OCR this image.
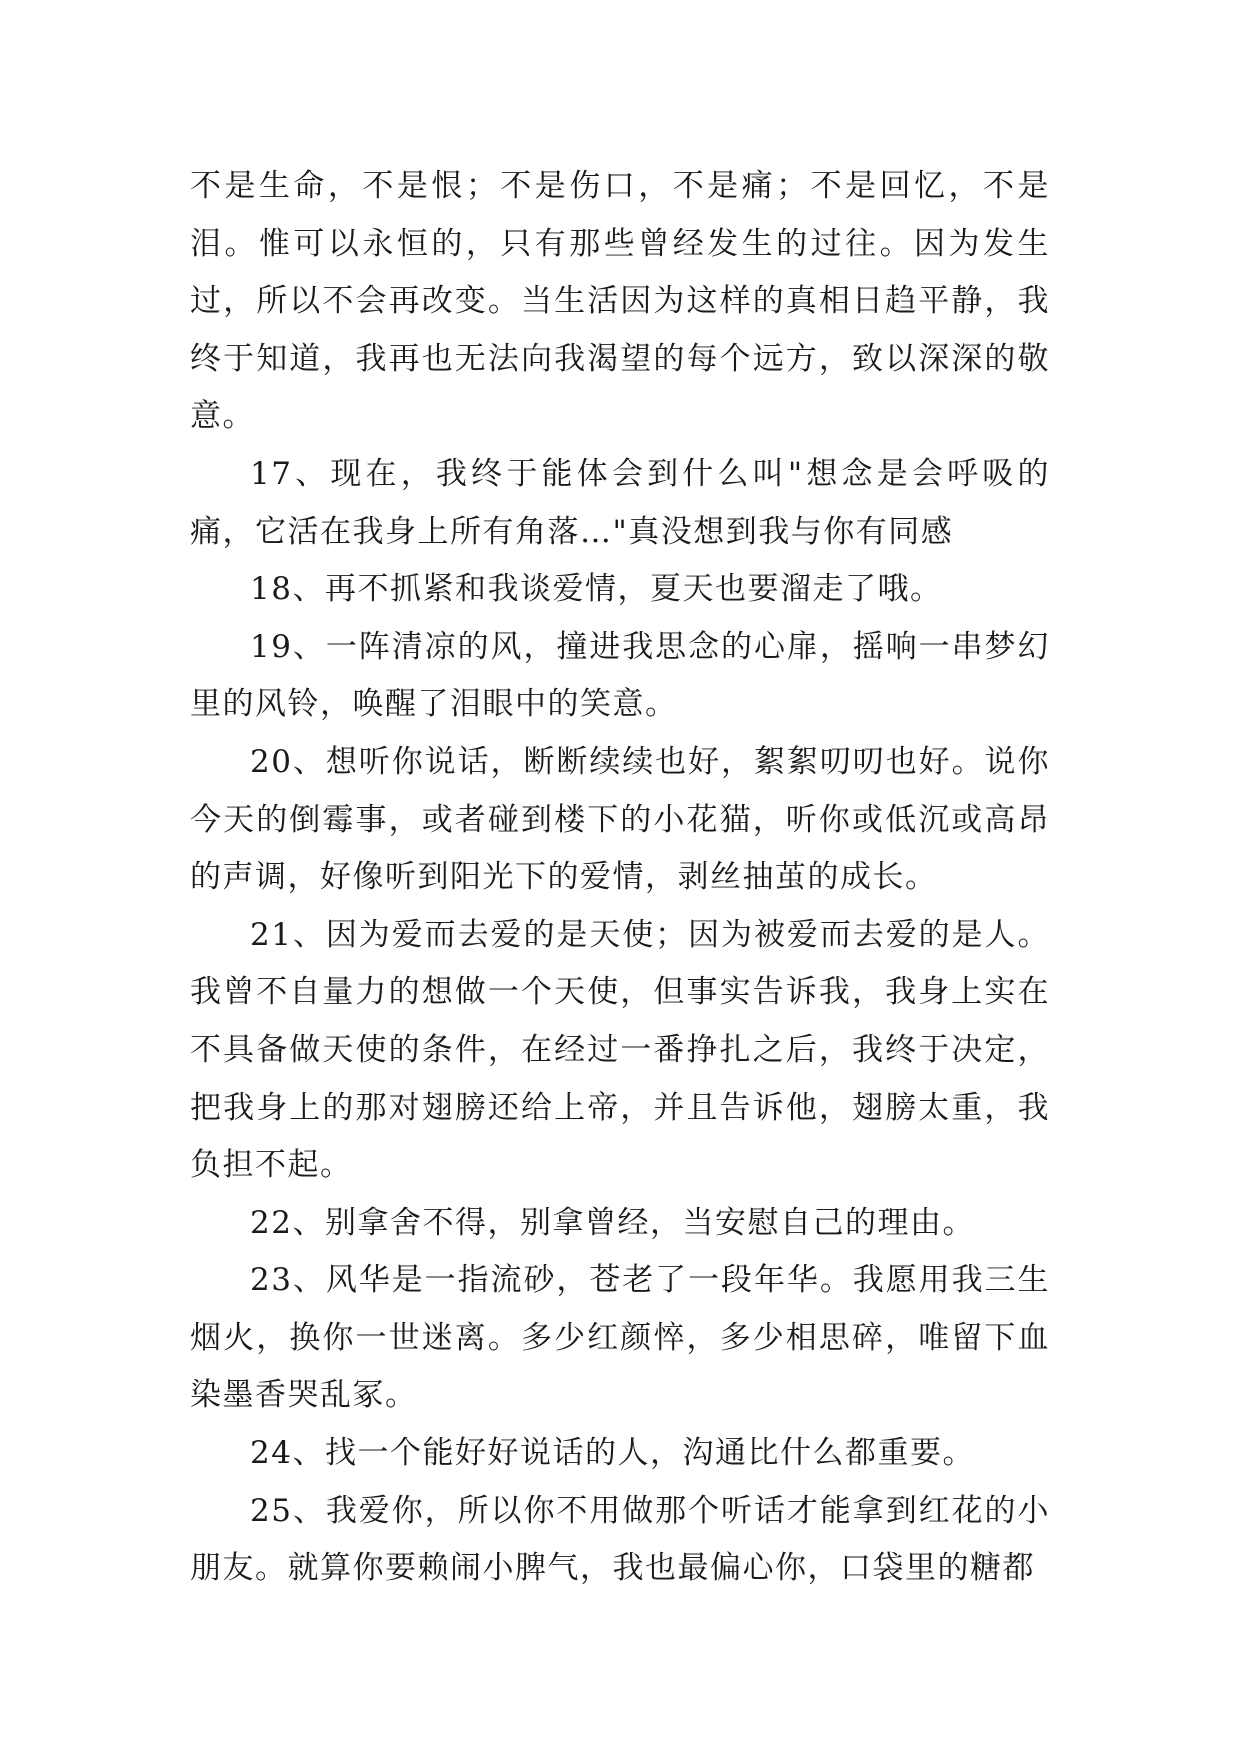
不是生命，不是恨；不是伤口，不是痛；不是回忆，不是泪。惟可以永恒的，只有那些曾经发生的过往。因为发生过，所以不会再改变。当生活因为这样的真相日趋平静，我终于知道，我再也无法向我渴望的每个远方，致以深深的敬意。

17、现在，我终于能体会到什么叫"想念是会呼吸的痛，它活在我身上所有角落…"真没想到我与你有同感

18、再不抓紧和我谈爱情，夏天也要溜走了哦。

19、一阵清凉的风，撞进我思念的心扉，摇响一串梦幻里的风铃，唤醒了泪眼中的笑意。

20、想听你说话，断断续续也好，絮絮叨叨也好。说你今天的倒霉事，或者碰到楼下的小花猫，听你或低沉或高昂的声调，好像听到阳光下的爱情，剥丝抽茧的成长。

21、因为爱而去爱的是天使；因为被爱而去爱的是人。我曾不自量力的想做一个天使，但事实告诉我，我身上实在不具备做天使的条件，在经过一番挣扎之后，我终于决定，把我身上的那对翅膀还给上帝，并且告诉他，翅膀太重，我负担不起。

22、别拿舍不得，别拿曾经，当安慰自己的理由。

23、风华是一指流砂，苍老了一段年华。我愿用我三生烟火，换你一世迷离。多少红颜悴，多少相思碎，唯留下血染墨香哭乱冢。

24、找一个能好好说话的人，沟通比什么都重要。

25、我爱你，所以你不用做那个听话才能拿到红花的小朋友。就算你要赖闹小脾气，我也最偏心你，口袋里的糖都
